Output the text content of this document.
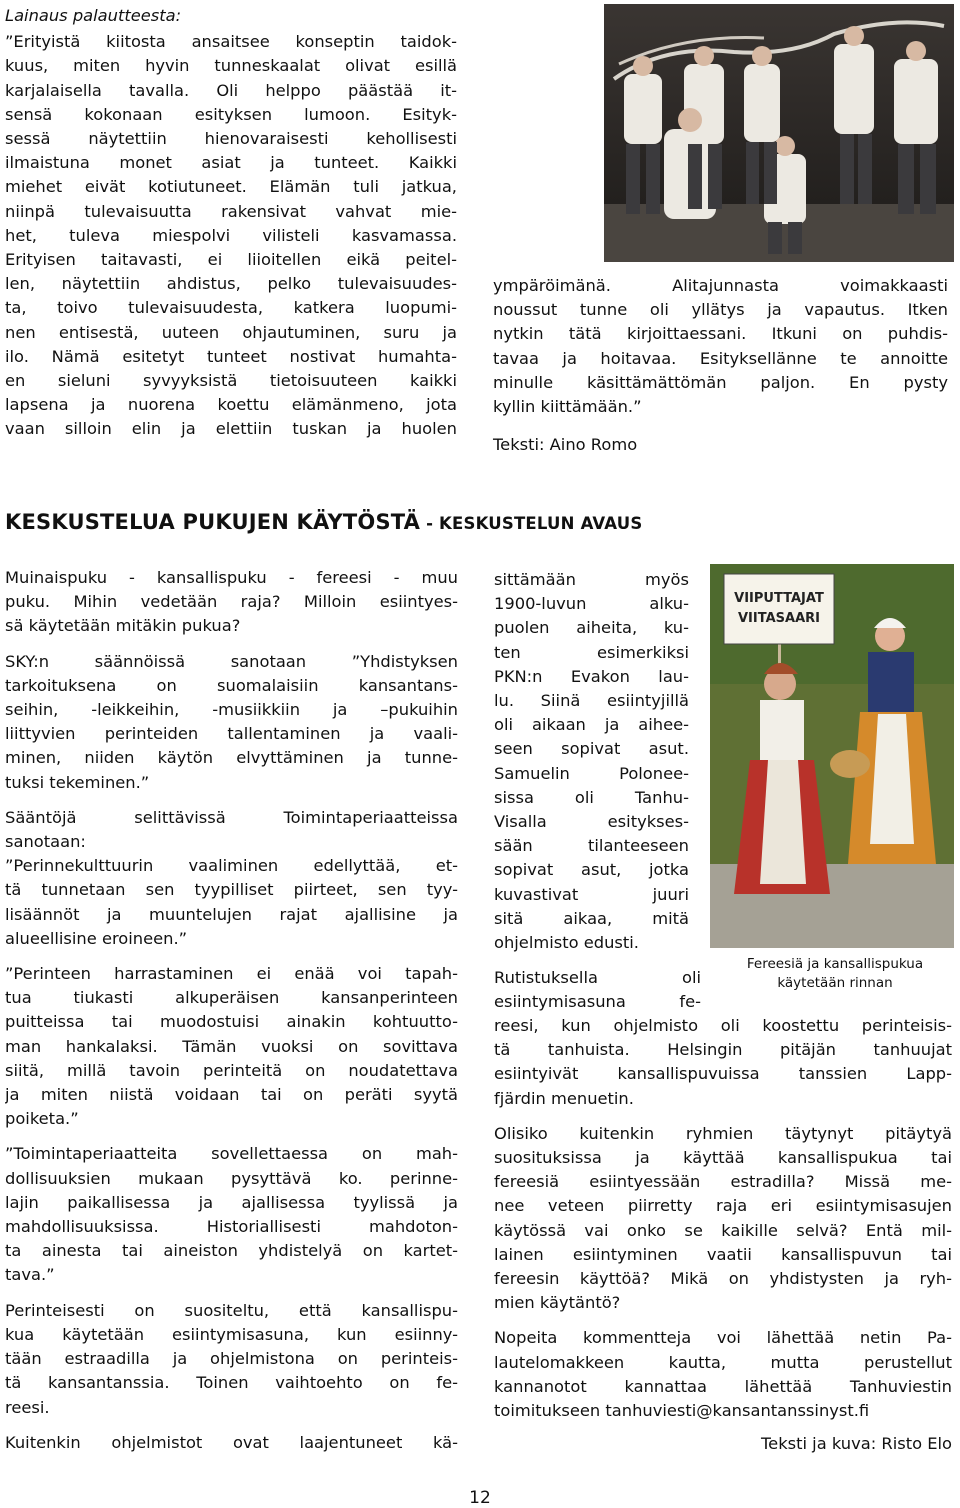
Lainaus palautteesta:

”Erityistä kiitosta ansaitsee konseptin taidok-
kuus, miten hyvin tunneskaalat olivat esillä
karjalaisella tavalla. Oli helppo päästää it-
sensä kokonaan esityksen lumoon. Esityk-
sessä näytettiin hienovaraisesti kehollisesti
ilmaistuna monet asiat ja tunteet. Kaikki
miehet eivät kotiutuneet. Elämän tuli jatkua,
niinpä tulevaisuutta rakensivat vahvat mie-
het, tuleva miespolvi vilisteli kasvamassa.
Erityisen taitavasti, ei liioitellen eikä peitel-
len, näytettiin ahdistus, pelko tulevaisuudes-
ta, toivo tulevaisuudesta, katkera luopumi-
nen entisestä, uuteen ohjautuminen, suru ja
ilo. Nämä esitetyt tunteet nostivat humahta-
en sieluni syvyyksistä tietoisuuteen kaikki
lapsena ja nuorena koettu elämänmeno, jota
vaan silloin elin ja elettiin tuskan ja huolen
ympäröimänä. Alitajunnasta voimakkaasti
noussut tunne oli yllätys ja vapautus. Itken
nytkin tätä kirjoittaessani. Itkuni on puhdis-
tavaa ja hoitavaa. Esityksellänne te annoitte
minulle käsittämättömän paljon. En pysty
kyllin kiittämään.”

Teksti: Aino Romo

KESKUSTELUA PUKUJEN KÄYTÖSTÄ - KESKUSTELUN AVAUS
Muinaispuku - kansallispuku - fereesi - muu
puku. Mihin vedetään raja? Milloin esiintyes-
sä käytetään mitäkin pukua?
SKY:n säännöissä sanotaan ”Yhdistyksen
tarkoituksena on suomalaisiin kansantans-
seihin, -leikkeihin, -musiikkiin ja –pukuihin
liittyvien perinteiden tallentaminen ja vaali-
minen, niiden käytön elvyttäminen ja tunne-
tuksi tekeminen.”
Sääntöjä selittävissä Toimintaperiaatteissa
sanotaan:
”Perinnekulttuurin vaaliminen edellyttää, et-
tä tunnetaan sen tyypilliset piirteet, sen tyy-
lisäännöt ja muuntelujen rajat ajallisine ja
alueellisine eroineen.”
”Perinteen harrastaminen ei enää voi tapah-
tua tiukasti alkuperäisen kansanperinteen
puitteissa tai muodostuisi ainakin kohtuutto-
man hankalaksi. Tämän vuoksi on sovittava
siitä, millä tavoin perinteitä on noudatettava
ja miten niistä voidaan tai on peräti syytä
poiketa.”
”Toimintaperiaatteita sovellettaessa on mah-
dollisuuksien mukaan pysyttävä ko. perinne-
lajin paikallisessa ja ajallisessa tyylissä ja
mahdollisuuksissa. Historiallisesti mahdoton-
ta ainesta tai aineiston yhdistelyä on kartet-
tava.”
Perinteisesti on suositeltu, että kansallispu-
kua käytetään esiintymisasuna, kun esiinny-
tään estraadilla ja ohjelmistona on perinteis-
tä kansantanssia. Toinen vaihtoehto on fe-
reesi.
Kuitenkin ohjelmistot ovat laajentuneet kä-
sittämään myös
1900-luvun alku-
puolen aiheita, ku-
ten esimerkiksi
PKN:n Evakon lau-
lu. Siinä esiintyjillä
oli aikaan ja aihee-
seen sopivat asut.
Samuelin Polonee-
sissa oli Tanhu-
Visalla esitykses-
sään tilanteeseen
sopivat asut, jotka
kuvastivat juuri
sitä aikaa, mitä
ohjelmisto edusti.
Rutistuksella oli
esiintymisasuna fe-
VIIPUTTAJAT
VIITASAARI
Fereesiä ja kansallispukua käytetään rinnan
reesi, kun ohjelmisto oli koostettu perinteisis-
tä tanhuista. Helsingin pitäjän tanhuujat
esiintyivät kansallispuvuissa tanssien Lapp-
fjärdin menuetin.
Olisiko kuitenkin ryhmien täytynyt pitäytyä
suosituksissa ja käyttää kansallispukua tai
fereesiä esiintyessään estradilla? Missä me-
nee veteen piirretty raja eri esiintymisasujen
käytössä vai onko se kaikille selvä? Entä mil-
lainen esiintyminen vaatii kansallispuvun tai
fereesin käyttöä? Mikä on yhdistysten ja ryh-
mien käytäntö?
Nopeita kommentteja voi lähettää netin Pa-
lautelomakkeen kautta, mutta perustellut
kannanotot kannattaa lähettää Tanhuviestin
toimitukseen tanhuviesti@kansantanssinyst.fi

Teksti ja kuva: Risto Elo

12
